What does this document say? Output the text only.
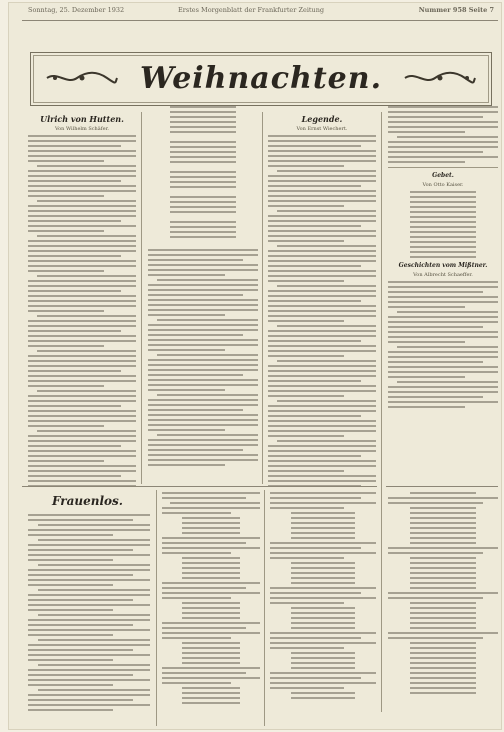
Sonntag, 25. Dezember 1932	Erstes Morgenblatt der Frankfurter Zeitung	Nummer 958 Seite 7
Weihnachten.
Ulrich von Hutten.
Von Wilhelm Schäfer.
Legende.
Von Ernst Wiechert.
Gebet.
Von Otto Kaiser.
Geschichten vom Mißtner.
Von Albrecht Schaeffer.
Frauenlos.
